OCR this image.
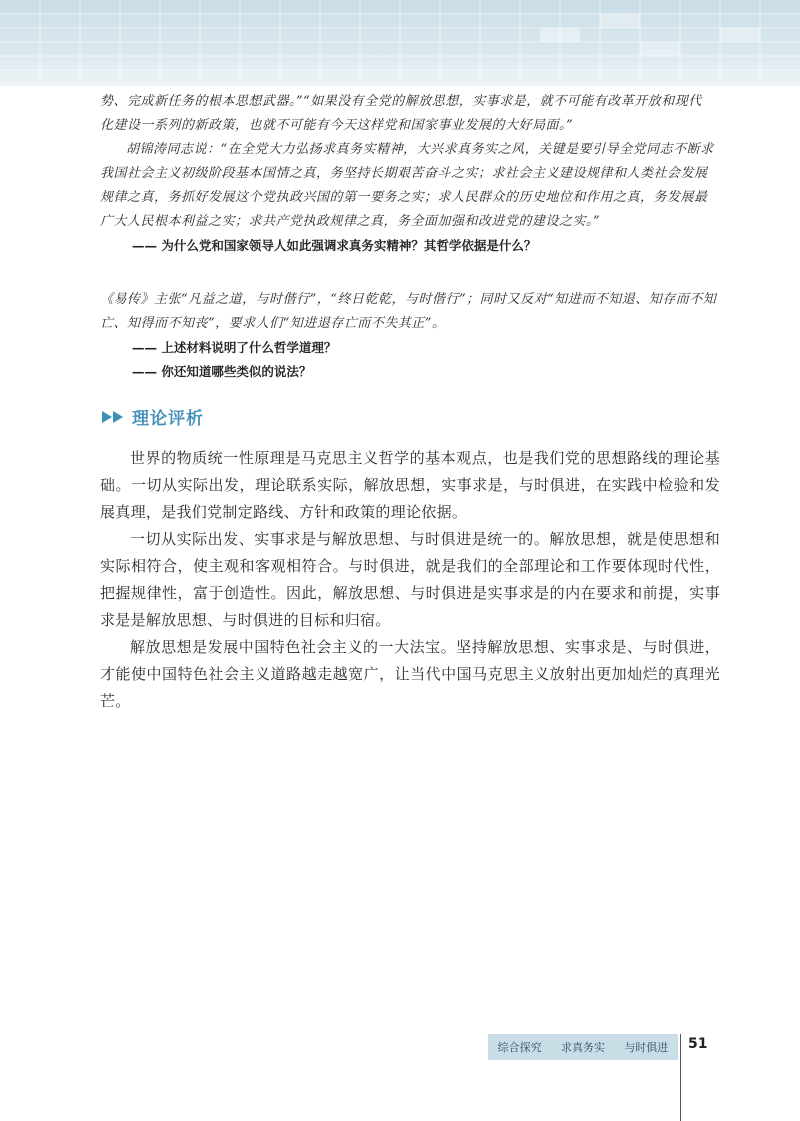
势、完成新任务的根本思想武器。”“如果没有全党的解放思想，实事求是，就不可能有改革开放和现代

化建设一系列的新政策，也就不可能有今天这样党和国家事业发展的大好局面。”

胡锦涛同志说：“在全党大力弘扬求真务实精神，大兴求真务实之风，关键是要引导全党同志不断求我国社会主义初级阶段基本国情之真，务坚持长期艰苦奋斗之实；求社会主义建设规律和人类社会发展规律之真，务抓好发展这个党执政兴国的第一要务之实；求人民群众的历史地位和作用之真，务发展最广大人民根本利益之实；求共产党执政规律之真，务全面加强和改进党的建设之实。”

—— 为什么党和国家领导人如此强调求真务实精神？其哲学依据是什么？

《易传》主张“凡益之道，与时偕行”，“终日乾乾，与时偕行”；同时又反对“知进而不知退、知存而不知亡、知得而不知丧”，要求人们“知进退存亡而不失其正”。

—— 上述材料说明了什么哲学道理？

—— 你还知道哪些类似的说法？

理论评析

世界的物质统一性原理是马克思主义哲学的基本观点，也是我们党的思想路线的理论基础。一切从实际出发，理论联系实际，解放思想，实事求是，与时俱进，在实践中检验和发展真理，是我们党制定路线、方针和政策的理论依据。

一切从实际出发、实事求是与解放思想、与时俱进是统一的。解放思想，就是使思想和实际相符合，使主观和客观相符合。与时俱进，就是我们的全部理论和工作要体现时代性，把握规律性，富于创造性。因此，解放思想、与时俱进是实事求是的内在要求和前提，实事求是是解放思想、与时俱进的目标和归宿。

解放思想是发展中国特色社会主义的一大法宝。坚持解放思想、实事求是、与时俱进，才能使中国特色社会主义道路越走越宽广，让当代中国马克思主义放射出更加灿烂的真理光芒。

综合探究 求真务实 与时俱进 51
